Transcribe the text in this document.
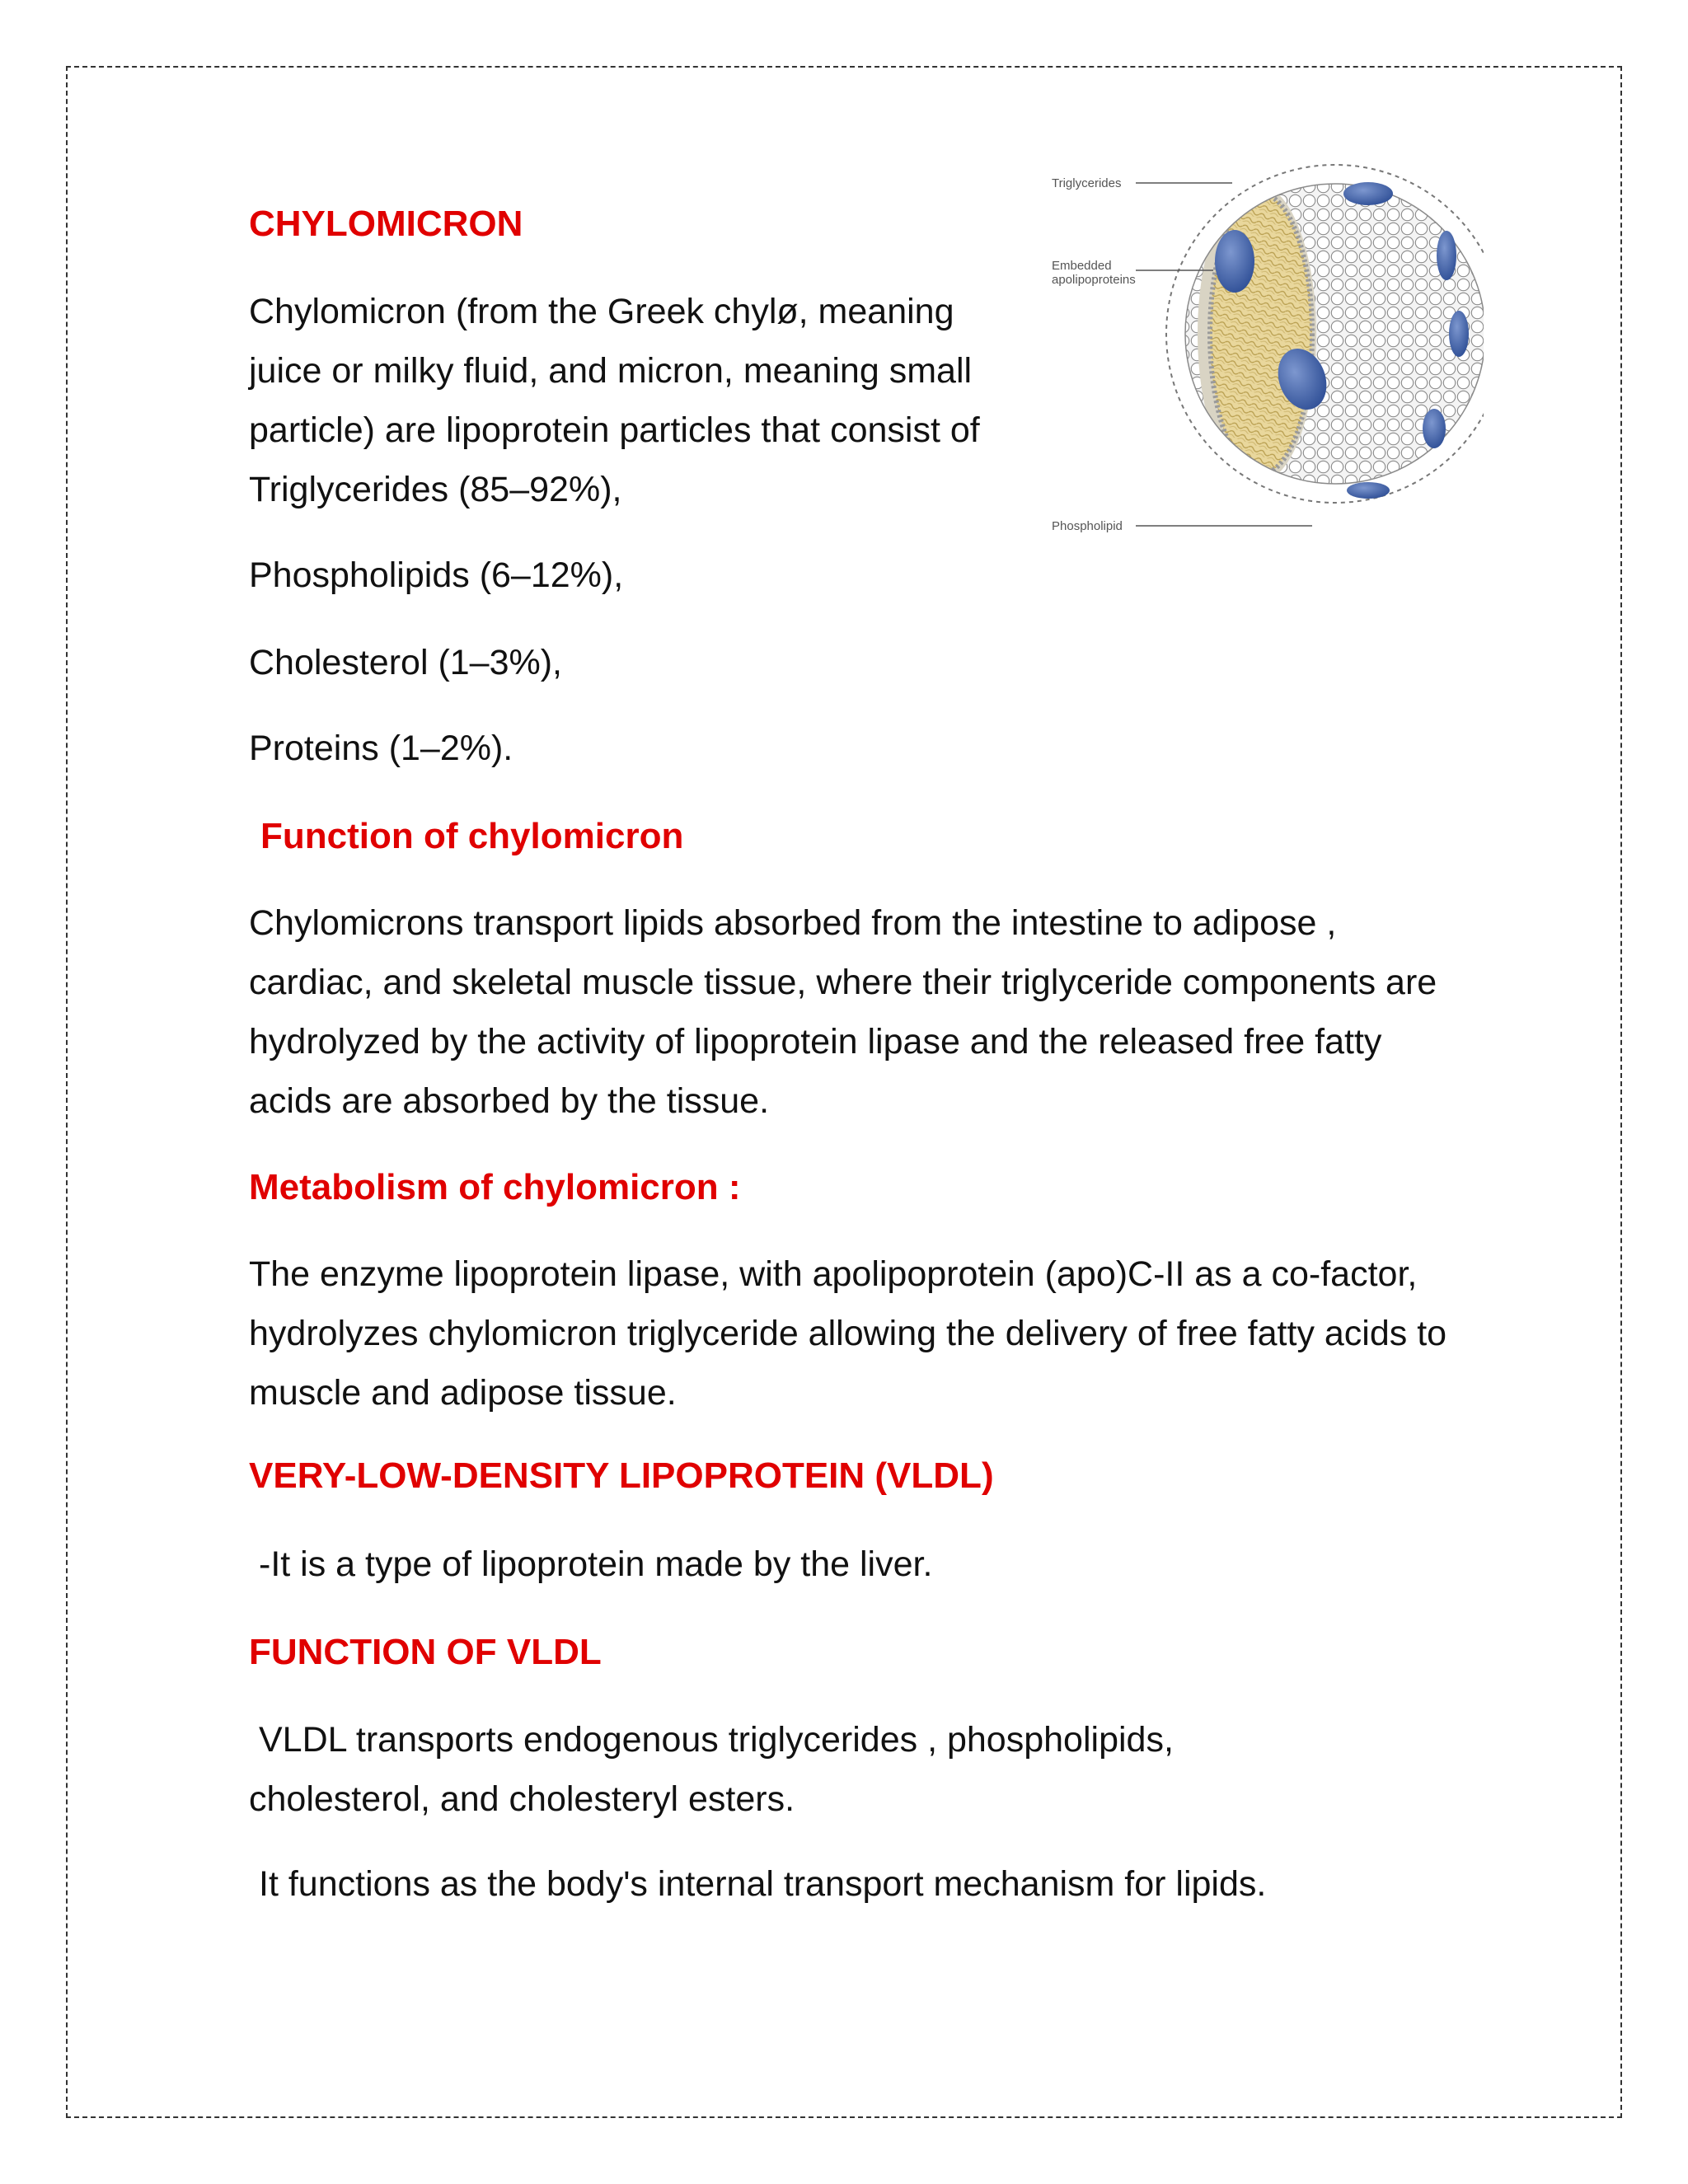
CHYLOMICRON

Chylomicron (from the Greek chylø, meaning juice or milky fluid, and micron, meaning small particle) are lipoprotein particles that consist of Triglycerides (85–92%),

Phospholipids (6–12%),

Cholesterol (1–3%),

Proteins (1–2%).

Function of chylomicron

Chylomicrons transport lipids absorbed from the intestine to adipose , cardiac, and skeletal muscle tissue, where their triglyceride components are hydrolyzed by the activity of lipoprotein lipase and the released free fatty acids are absorbed by the tissue.

Metabolism of chylomicron :

The enzyme lipoprotein lipase, with apolipoprotein (apo)C-II as a co-factor, hydrolyzes chylomicron triglyceride allowing the delivery of free fatty acids to muscle and adipose tissue.

VERY-LOW-DENSITY LIPOPROTEIN (VLDL)

-It is a type of lipoprotein made by the liver.

FUNCTION OF VLDL

VLDL transports endogenous triglycerides , phospholipids, cholesterol, and cholesteryl esters.

It functions as the body's internal transport mechanism for lipids.

Triglycerides
Embedded
apolipoproteins
Phospholipid
